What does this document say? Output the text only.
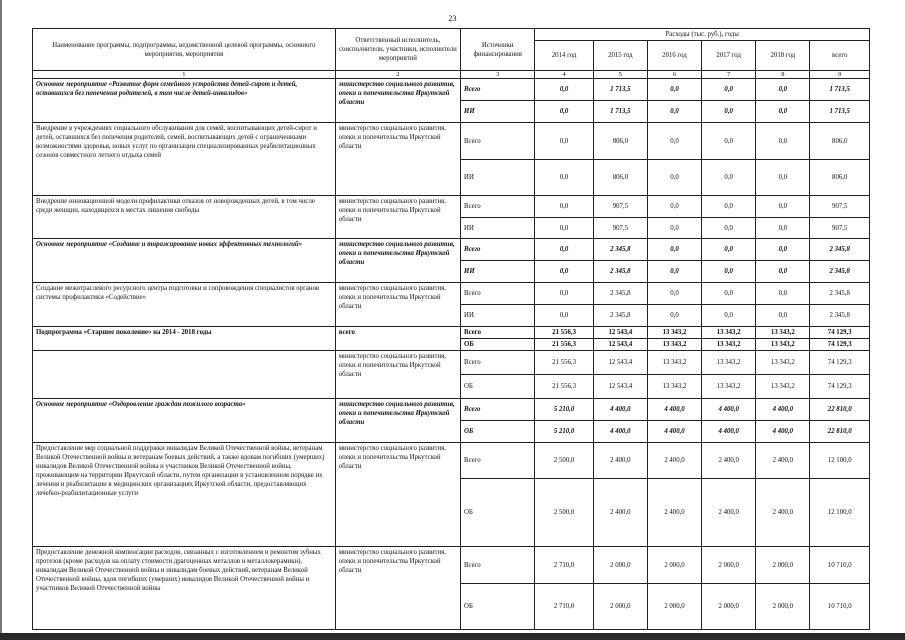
23
Наименование программы, подпрограммы, ведомственной целевой программы, основного мероприятия, мероприятия	Ответственный исполнитель, соисполнители, участники, исполнители мероприятий	Источники финансирования	Расходы (тыс. руб.), годы					
			2014 год	2015 год	2016 год	2017 год	2018 год	всего
1	2	3	4	5	6	7	8	9
Основное мероприятие «Развитие форм семейного устройства детей-сирот и детей, оставшихся без попечения родителей, в том числе детей-инвалидов»	министерство социального развития, опеки и попечительства Иркутской области	Всего	0,0	1 713,5	0,0	0,0	0,0	1 713,5
		ИИ	0,0	1 713,5	0,0	0,0	0,0	1 713,5
Внедрение в учреждениях социального обслуживания для семей, воспитывающих детей-сирот и детей, оставшихся без попечения родителей, семей, воспитывающих детей с ограниченными возможностями здоровья, новых услуг по организации специализированных реабилитационных сезонов совместного летнего отдыха семей	министерство социального развития, опеки и попечительства Иркутской области	Всего	0,0	806,0	0,0	0,0	0,0	806,0
		ИИ	0,0	806,0	0,0	0,0	0,0	806,0
Внедрение инновационной модели профилактики отказов от новорожденных детей, в том числе среди женщин, находящихся в местах лишения свободы	министерство социального развития, опеки и попечительства Иркутской области	Всего	0,0	907,5	0,0	0,0	0,0	907,5
		ИИ	0,0	907,5	0,0	0,0	0,0	907,5
Основное мероприятие «Создание и тиражирование новых эффективных технологий»	министерство социального развития, опеки и попечительства Иркутской области	Всего	0,0	2 345,8	0,0	0,0	0,0	2 345,8
		ИИ	0,0	2 345,8	0,0	0,0	0,0	2 345,8
Создание межотраслевого ресурсного центра подготовки и сопровождения специалистов органов системы профилактики «Содействие»	министерство социального развития, опеки и попечительства Иркутской области	Всего	0,0	2 345,8	0,0	0,0	0,0	2 345,8
		ИИ	0,0	2 345,8	0,0	0,0	0,0	2 345,8
Подпрограмма «Старшее поколение» на 2014 - 2018 годы	всего	Всего	21 556,3	12 543,4	13 343,2	13 343,2	13 343,2	74 129,3
		ОБ	21 556,3	12 543,4	13 343,2	13 343,2	13 343,2	74 129,3
	министерство социального развития, опеки и попечительства Иркутской области	Всего	21 556,3	12 543,4	13 343,2	13 343,2	13 343,2	74 129,3
		ОБ	21 556,3	12 543,4	13 343,2	13 343,2	13 343,2	74 129,3
Основное мероприятие «Оздоровление граждан пожилого возраста»	министерство социального развития, опеки и попечительства Иркутской области	Всего	5 210,0	4 400,0	4 400,0	4 400,0	4 400,0	22 810,0
		ОБ	5 210,0	4 400,0	4 400,0	4 400,0	4 400,0	22 810,0
Предоставление мер социальной поддержки инвалидам Великой Отечественной войны, ветеранам Великой Отечественной войны и ветеранам боевых действий, а также вдовам погибших (умерших) инвалидов Великой Отечественной войны и участников Великой Отечественной войны, проживающим на территории Иркутской области, путем организации в установленном порядке их лечения и реабилитации в медицинских организациях Иркутской области, предоставляющих лечебно-реабилитационные услуги	министерство социального развития, опеки и попечительства Иркутской области	Всего	2 500,0	2 400,0	2 400,0	2 400,0	2 400,0	12 100,0
		ОБ	2 500,0	2 400,0	2 400,0	2 400,0	2 400,0	12 100,0
Предоставление денежной компенсации расходов, связанных с изготовлением и ремонтом зубных протезов (кроме расходов на оплату стоимости драгоценных металлов и металлокерамики), инвалидам Великой Отечественной войны и инвалидам боевых действий, ветеранам Великой Отечественной войны, вдов погибших (умерших) инвалидов Великой Отечественной войны и участников Великой Отечественной войны	министерство социального развития, опеки и попечительства Иркутской области	Всего	2 710,0	2 000,0	2 000,0	2 000,0	2 000,0	10 710,0
		ОБ	2 710,0	2 000,0	2 000,0	2 000,0	2 000,0	10 710,0
